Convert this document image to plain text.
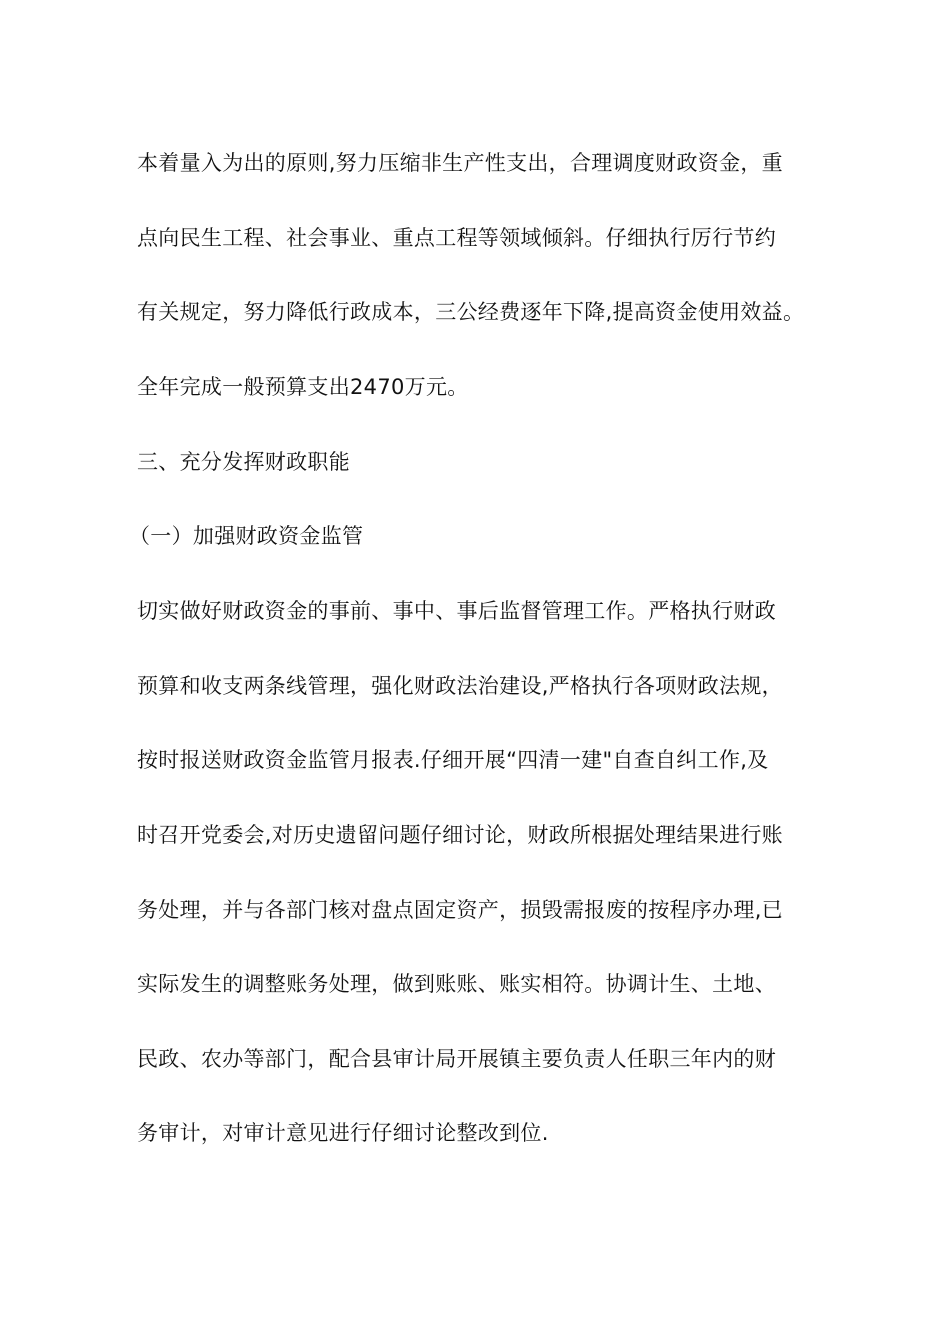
本着量入为出的原则,努力压缩非生产性支出，合理调度财政资金，重
点向民生工程、社会事业、重点工程等领域倾斜。仔细执行厉行节约
有关规定，努力降低行政成本，三公经费逐年下降,提高资金使用效益。
全年完成一般预算支出2470万元。
三、充分发挥财政职能
（一）加强财政资金监管
切实做好财政资金的事前、事中、事后监督管理工作。严格执行财政
预算和收支两条线管理，强化财政法治建设,严格执行各项财政法规，
按时报送财政资金监管月报表.仔细开展“四清一建"自查自纠工作,及
时召开党委会,对历史遗留问题仔细讨论，财政所根据处理结果进行账
务处理，并与各部门核对盘点固定资产，损毁需报废的按程序办理,已
实际发生的调整账务处理，做到账账、账实相符。协调计生、土地、
民政、农办等部门，配合县审计局开展镇主要负责人任职三年内的财
务审计，对审计意见进行仔细讨论整改到位.
